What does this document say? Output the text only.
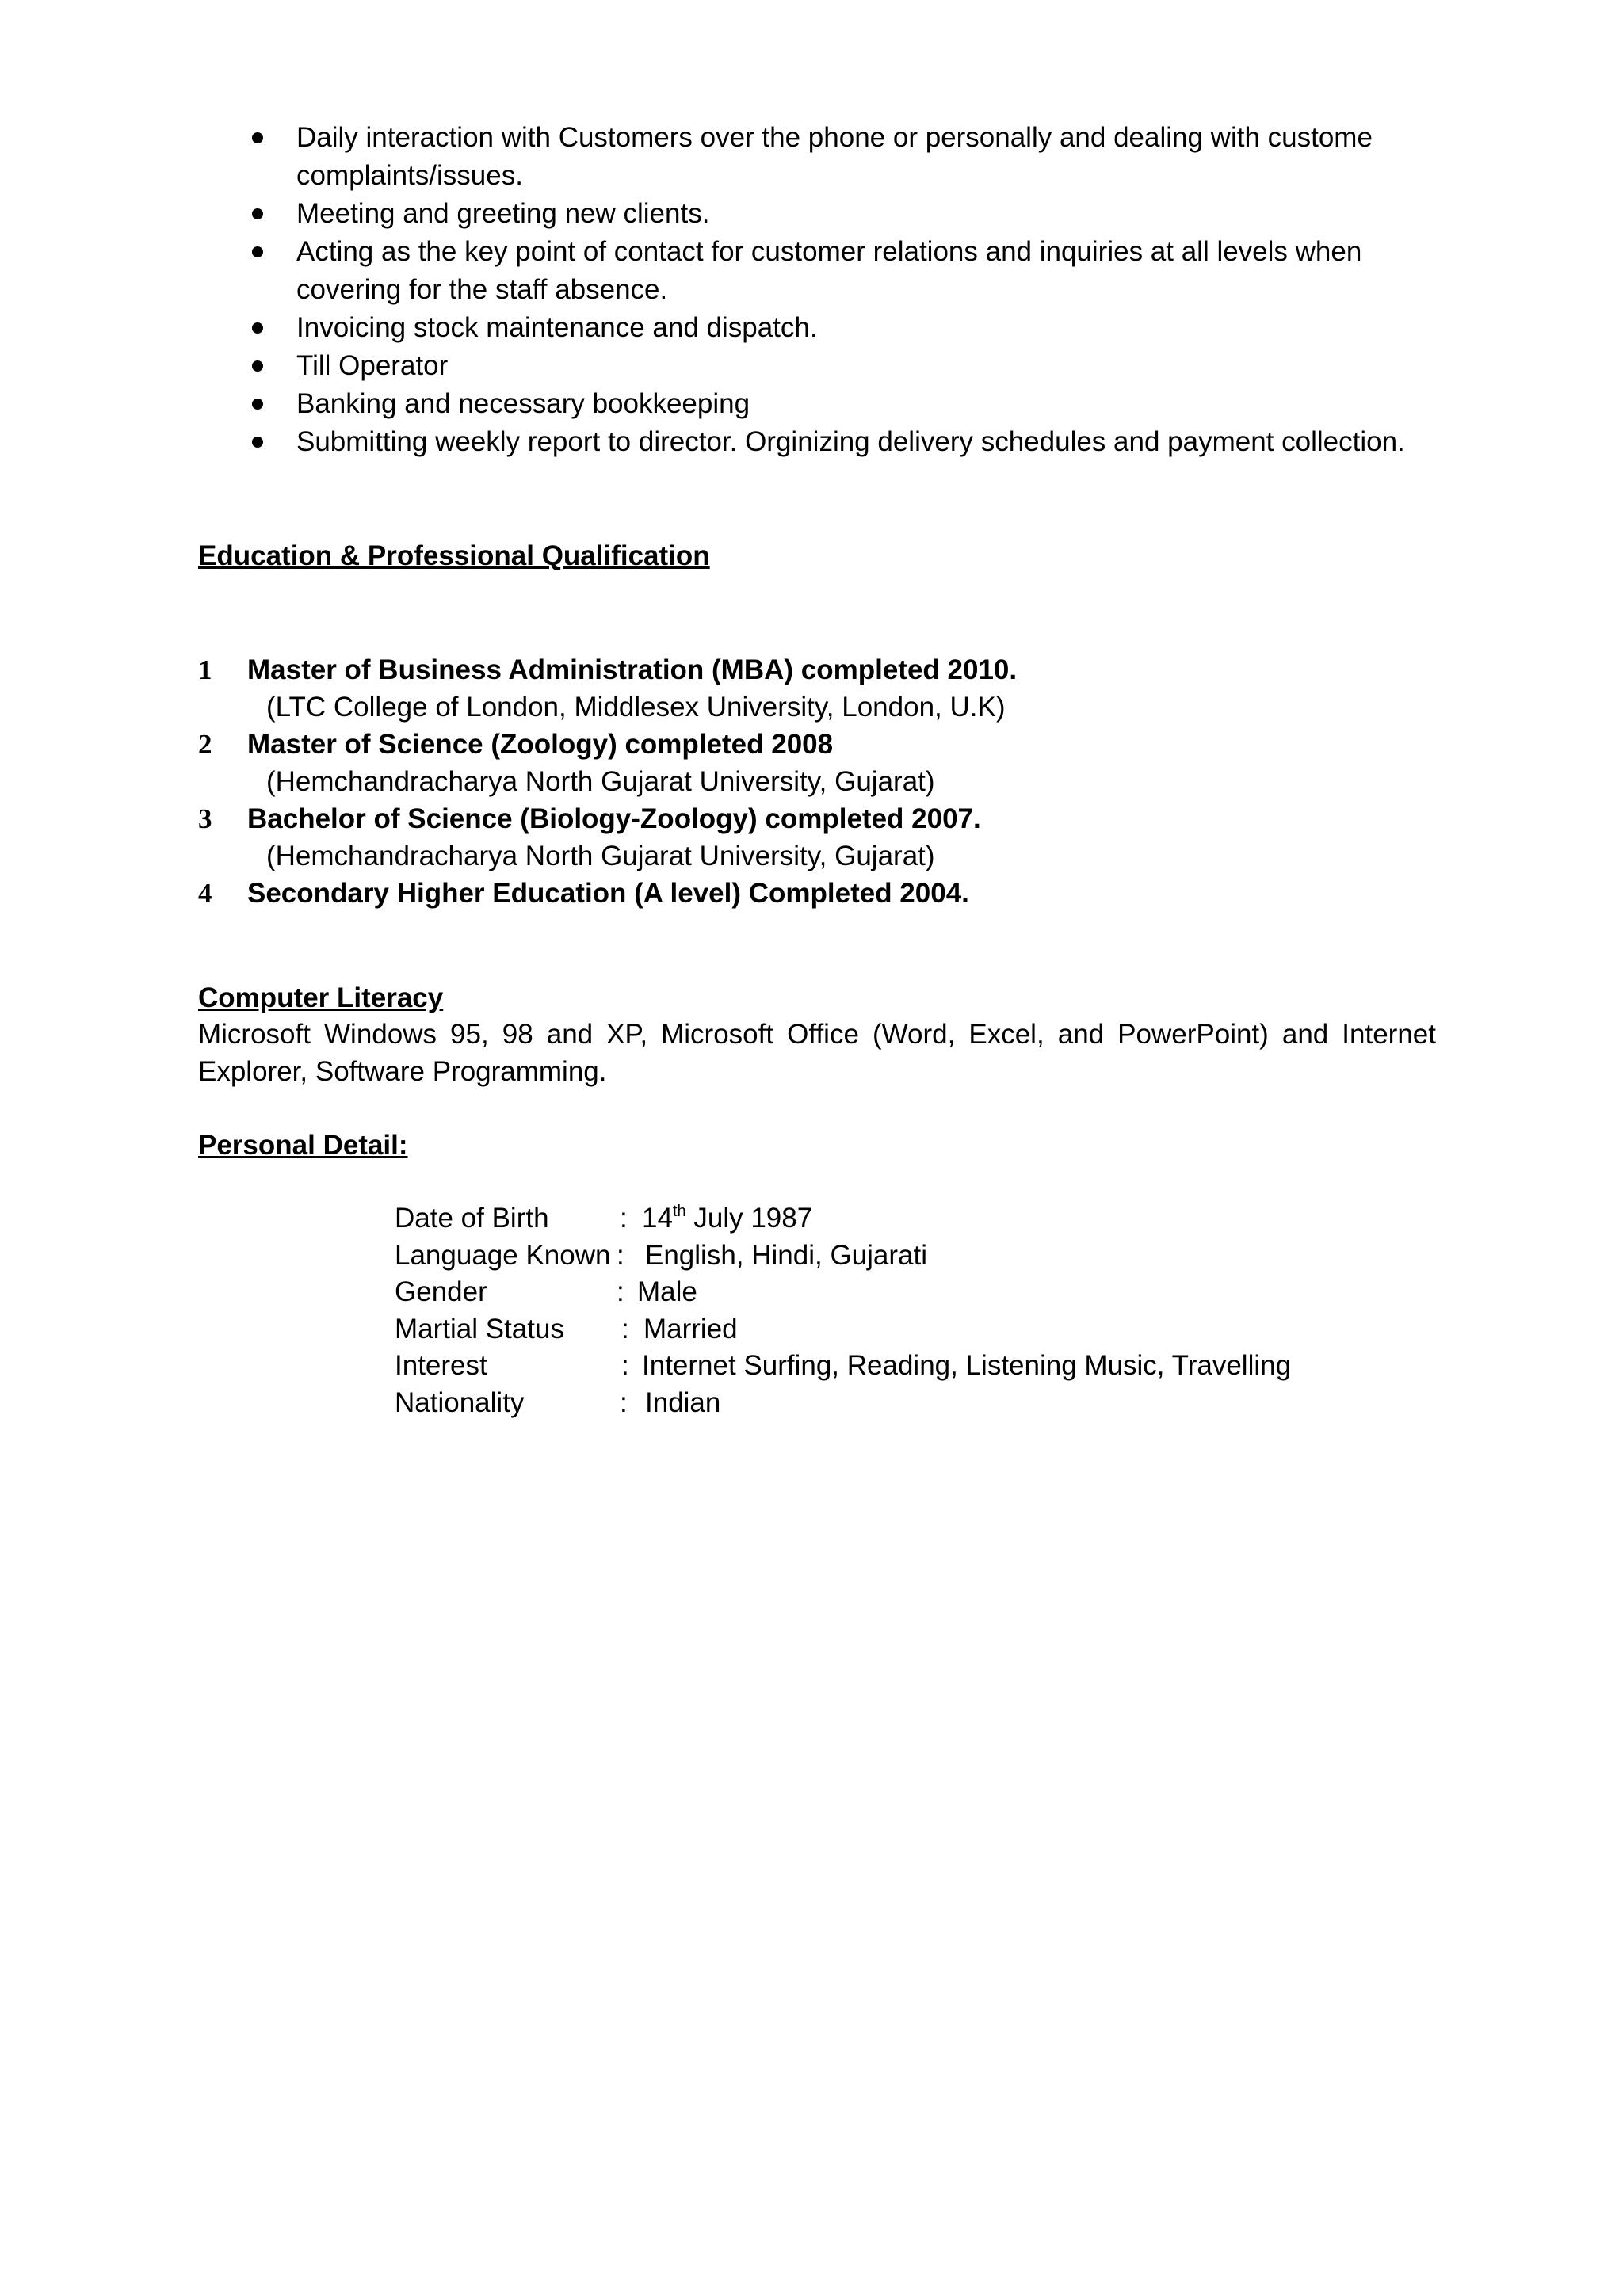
Daily interaction with Customers over the phone or personally and dealing with custome complaints/issues.
Meeting and greeting new clients.
Acting as the key point of contact for customer relations and inquiries at all levels when covering for the staff absence.
Invoicing stock maintenance and dispatch.
Till Operator
Banking and necessary bookkeeping
Submitting weekly report to director. Orginizing delivery schedules and payment collection.
Education & Professional Qualification
1 Master of Business Administration (MBA) completed 2010.
(LTC College of London, Middlesex University, London, U.K)
2 Master of Science (Zoology) completed 2008
(Hemchandracharya North Gujarat University, Gujarat)
3 Bachelor of Science (Biology-Zoology) completed 2007.
(Hemchandracharya North Gujarat University, Gujarat)
4 Secondary Higher Education (A level) Completed 2004.
Computer Literacy
Microsoft Windows 95, 98 and XP, Microsoft Office (Word, Excel, and PowerPoint) and Internet Explorer, Software Programming.
Personal Detail:
Date of Birth	: 14th July 1987
Language Known : English, Hindi, Gujarati
Gender	: Male
Martial Status : Married
Interest	: Internet Surfing, Reading, Listening Music, Travelling
Nationality	: Indian
